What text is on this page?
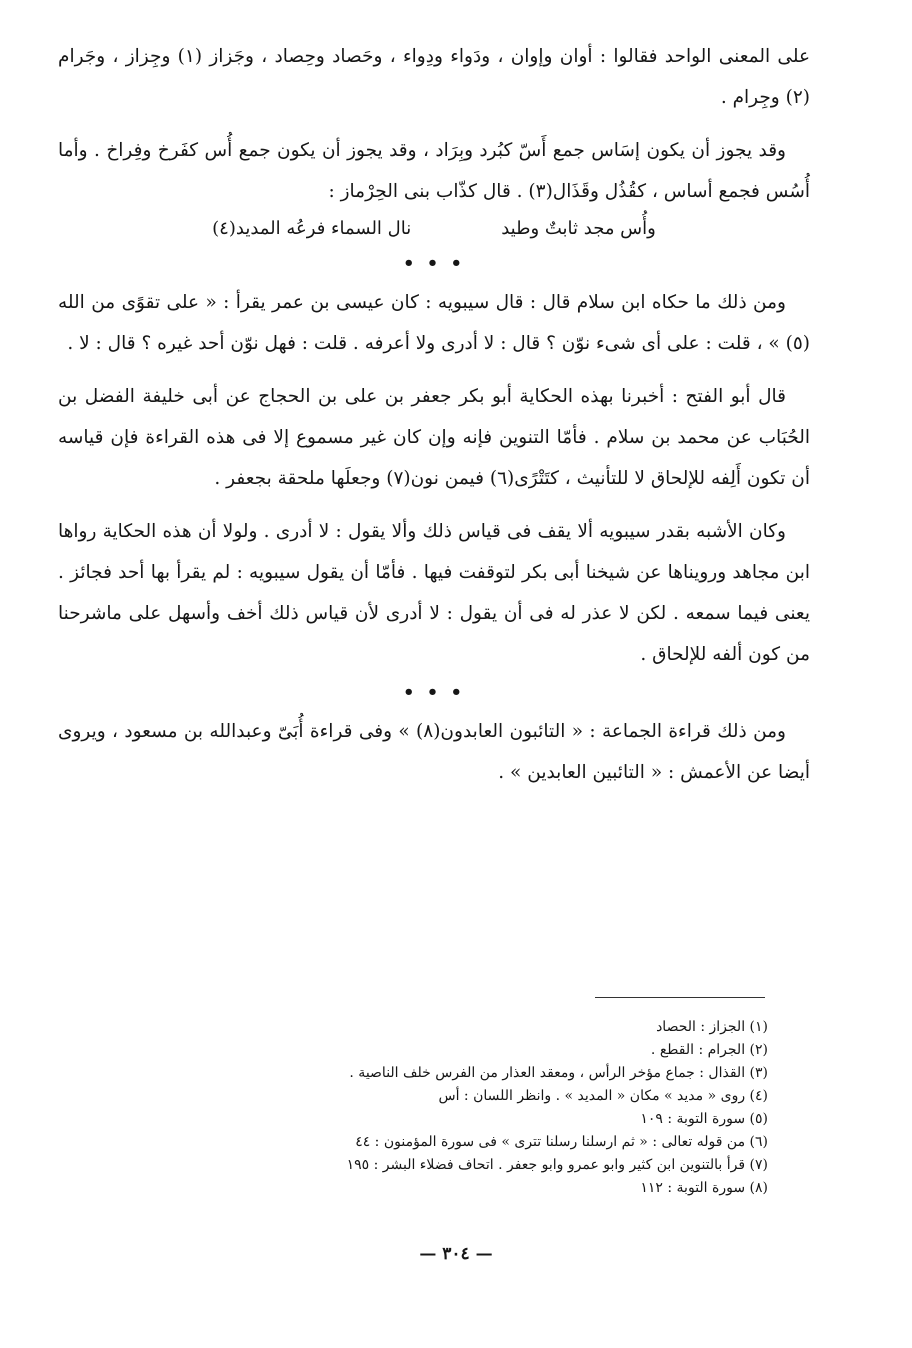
على المعنى الواحد فقالوا : أوان وإوان ، ودَواء ودِواء ، وحَصاد وحِصاد ، وجَزاز (١) وجِزاز ، وجَرام (٢) وجِرام .

وقد يجوز أن يكون إسَاس جمع أَسّ كبُرد وبِرَاد ، وقد يجوز أن يكون جمع أُس كفَرخ وفِراخ . وأما أُسُس فجمع أساس ، كقُذُل وقَذَال(٣) . قال كذّاب بنى الحِرْماز :

وأُس مجد ثابتٌ وطيد
نال السماء فرعُه المديد(٤)
• • •

ومن ذلك ما حكاه ابن سلام قال : قال سيبويه : كان عيسى بن عمر يقرأ : « على تقوًى من الله (٥) » ، قلت : على أى شىء نوّن ؟ قال : لا أدرى ولا أعرفه . قلت : فهل نوّن أحد غيره ؟ قال : لا .

قال أبو الفتح : أخبرنا بهذه الحكاية أبو بكر جعفر بن على بن الحجاج عن أبى خليفة الفضل بن الحُبَاب عن محمد بن سلام . فأمّا التنوين فإنه وإن كان غير مسموع إلا فى هذه القراءة فإن قياسه أن تكون أَلِفه للإلحاق لا للتأنيث ، كتَتْرًى(٦) فيمن نون(٧) وجعلَها ملحقة بجعفر .

وكان الأشبه بقدر سيبويه ألا يقف فى قياس ذلك وألا يقول : لا أدرى . ولولا أن هذه الحكاية رواها ابن مجاهد ورويناها عن شيخنا أبى بكر لتوقفت فيها . فأمّا أن يقول سيبويه : لم يقرأ بها أحد فجائز . يعنى فيما سمعه . لكن لا عذر له فى أن يقول : لا أدرى لأن قياس ذلك أخف وأسهل على ماشرحنا من كون ألفه للإلحاق .

• • •

ومن ذلك قراءة الجماعة : « التائبون العابدون(٨) » وفى قراءة أُبَىّ وعبدالله بن مسعود ، ويروى أيضا عن الأعمش : « التائبين العابدين » .

(١) الجزاز : الحصاد

(٢) الجرام : القطع .

(٣) القذال : جماع مؤخر الرأس ، ومعقد العذار من الفرس خلف الناصية .

(٤) روى « مديد » مكان « المديد » . وانظر اللسان : أس

(٥) سورة التوبة : ١٠٩

(٦) من قوله تعالى : « ثم ارسلنا رسلنا تترى » فى سورة المؤمنون : ٤٤

(٧) قرأ بالتنوين ابن كثير وابو عمرو وابو جعفر . اتحاف فضلاء البشر : ١٩٥

(٨) سورة التوبة : ١١٢

— ٣٠٤ —
